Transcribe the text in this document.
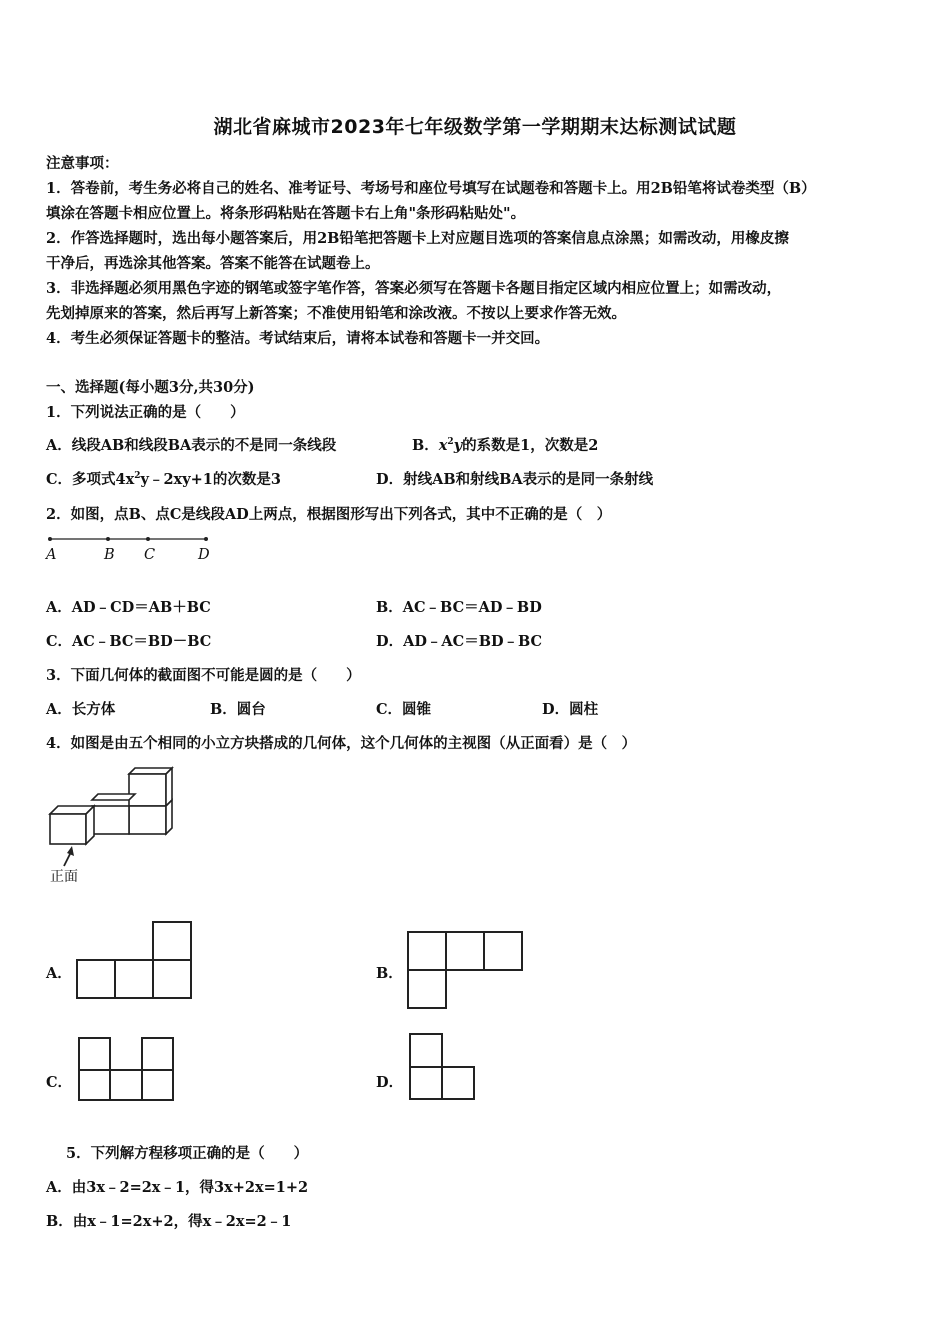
湖北省麻城市2023年七年级数学第一学期期末达标测试试题
注意事项：
1．答卷前，考生务必将自己的姓名、准考证号、考场号和座位号填写在试题卷和答题卡上。用2B铅笔将试卷类型（B）
填涂在答题卡相应位置上。将条形码粘贴在答题卡右上角"条形码粘贴处"。
2．作答选择题时，选出每小题答案后，用2B铅笔把答题卡上对应题目选项的答案信息点涂黑；如需改动，用橡皮擦
干净后，再选涂其他答案。答案不能答在试题卷上。
3．非选择题必须用黑色字迹的钢笔或签字笔作答，答案必须写在答题卡各题目指定区域内相应位置上；如需改动，
先划掉原来的答案，然后再写上新答案；不准使用铅笔和涂改液。不按以上要求作答无效。
4．考生必须保证答题卡的整洁。考试结束后，请将本试卷和答题卡一并交回。
一、选择题(每小题3分,共30分)
1．下列说法正确的是（　　）
A．线段AB和线段BA表示的不是同一条线段	B．$x^2y$的系数是1，次数是2
C．多项式$4x^2y﹣2xy+1$的次数是3	D．射线AB和射线BA表示的是同一条射线
2．如图，点B、点C是线段AD上两点，根据图形写出下列各式，其中不正确的是（　）
A	B C	D
A．AD﹣CD＝AB＋BC	B．AC﹣BC＝AD﹣BD
C．AC﹣BC＝BD－BC	D．AD﹣AC＝BD﹣BC
3．下面几何体的截面图不可能是圆的是（　　）
A．长方体	B．圆台	C．圆锥	D．圆柱
4．如图是由五个相同的小立方块搭成的几何体，这个几何体的主视图（从正面看）是（　）
正面
A．	B．
C．	D．
5．下列解方程移项正确的是（　　）
A．由3x﹣2=2x﹣1，得3x+2x=1+2
B．由x﹣1=2x+2，得x﹣2x=2﹣1
